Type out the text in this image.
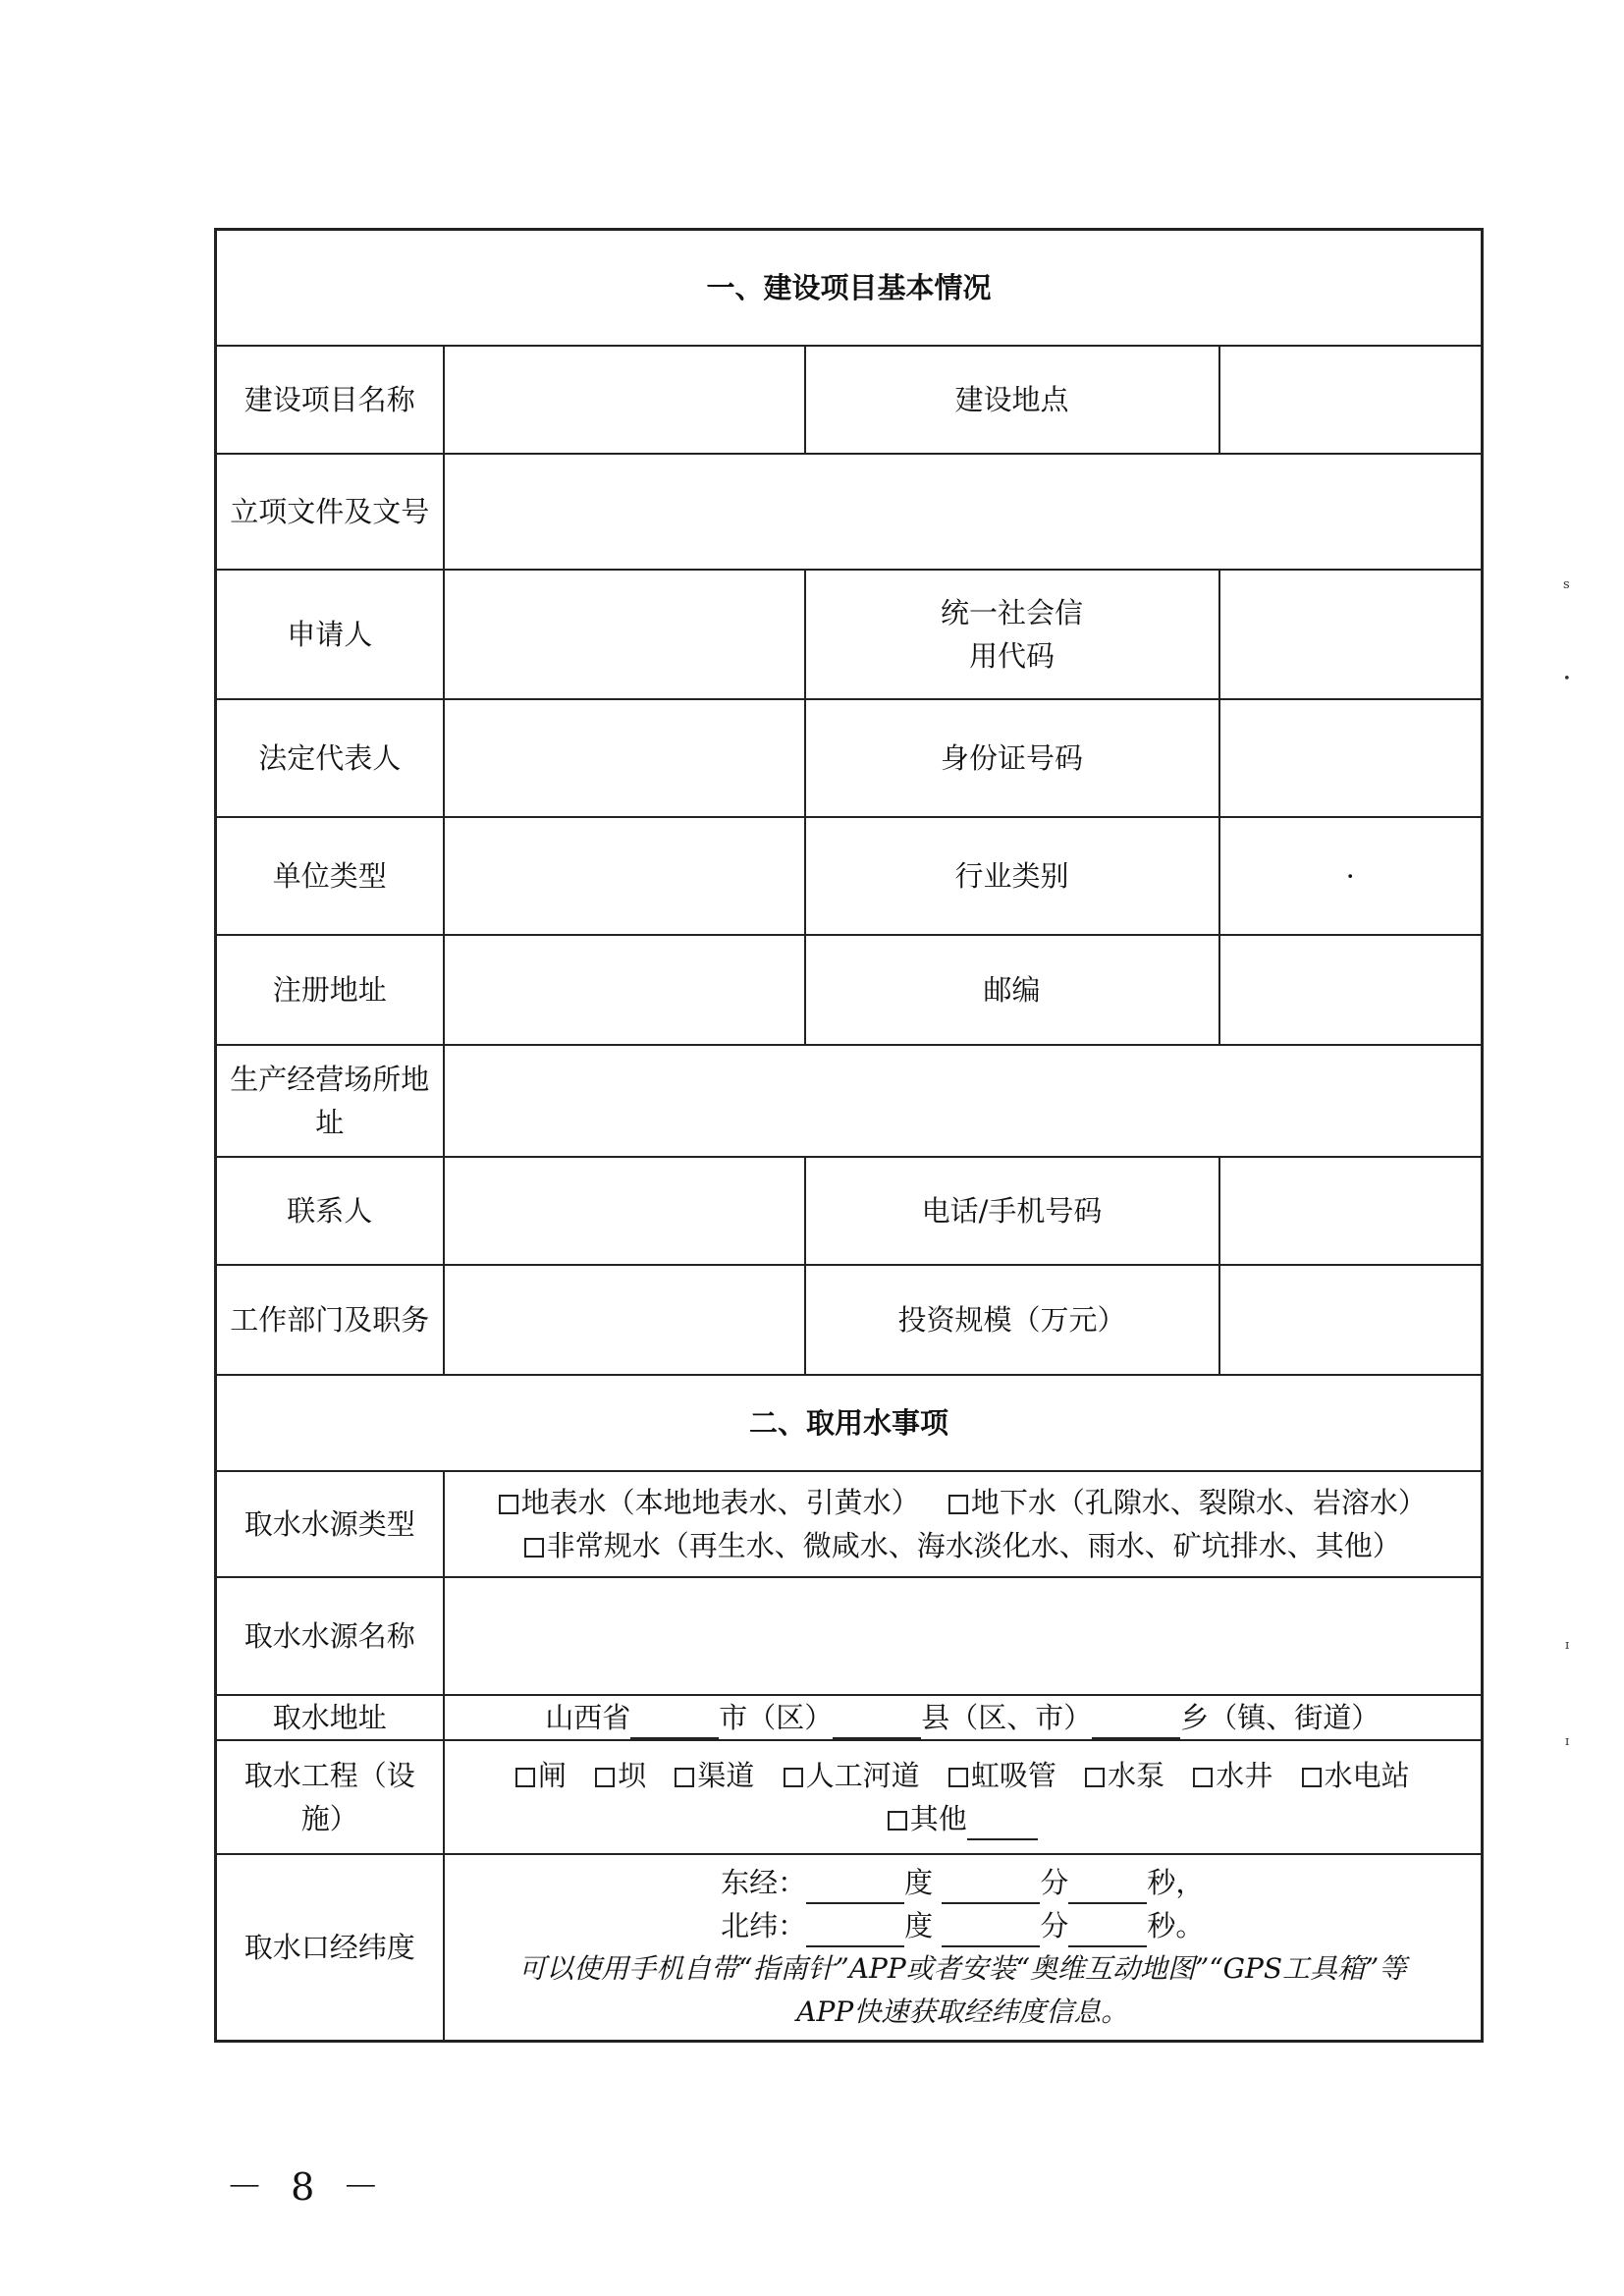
一、建设项目基本情况			
建设项目名称		建设地点	
立项文件及文号			
申请人		统一社会信用代码	
法定代表人		身份证号码	
单位类型		行业类别	·
注册地址		邮编	
生产经营场所地址			
联系人		电话/手机号码	
工作部门及职务		投资规模（万元）	
二、取用水事项			
取水水源类型	地表水（本地地表水、引黄水） 地下水（孔隙水、裂隙水、岩溶水） 非常规水（再生水、微咸水、海水淡化水、雨水、矿坑排水、其他）		
取水水源名称			
取水地址	山西省 市（区） 县（区、市） 乡（镇、街道）		
取水工程（设施）	闸 坝 渠道 人工河道 虹吸管 水泵 水井 水电站 其他		
取水口经纬度	东经： 度 分 秒，
北纬： 度 分 秒。
可以使用手机自带“指南针”APP或者安装“奥维互动地图”“GPS工具箱”等
APP快速获取经纬度信息。		
－ 8 －
s
•
ɪ
ɪ
